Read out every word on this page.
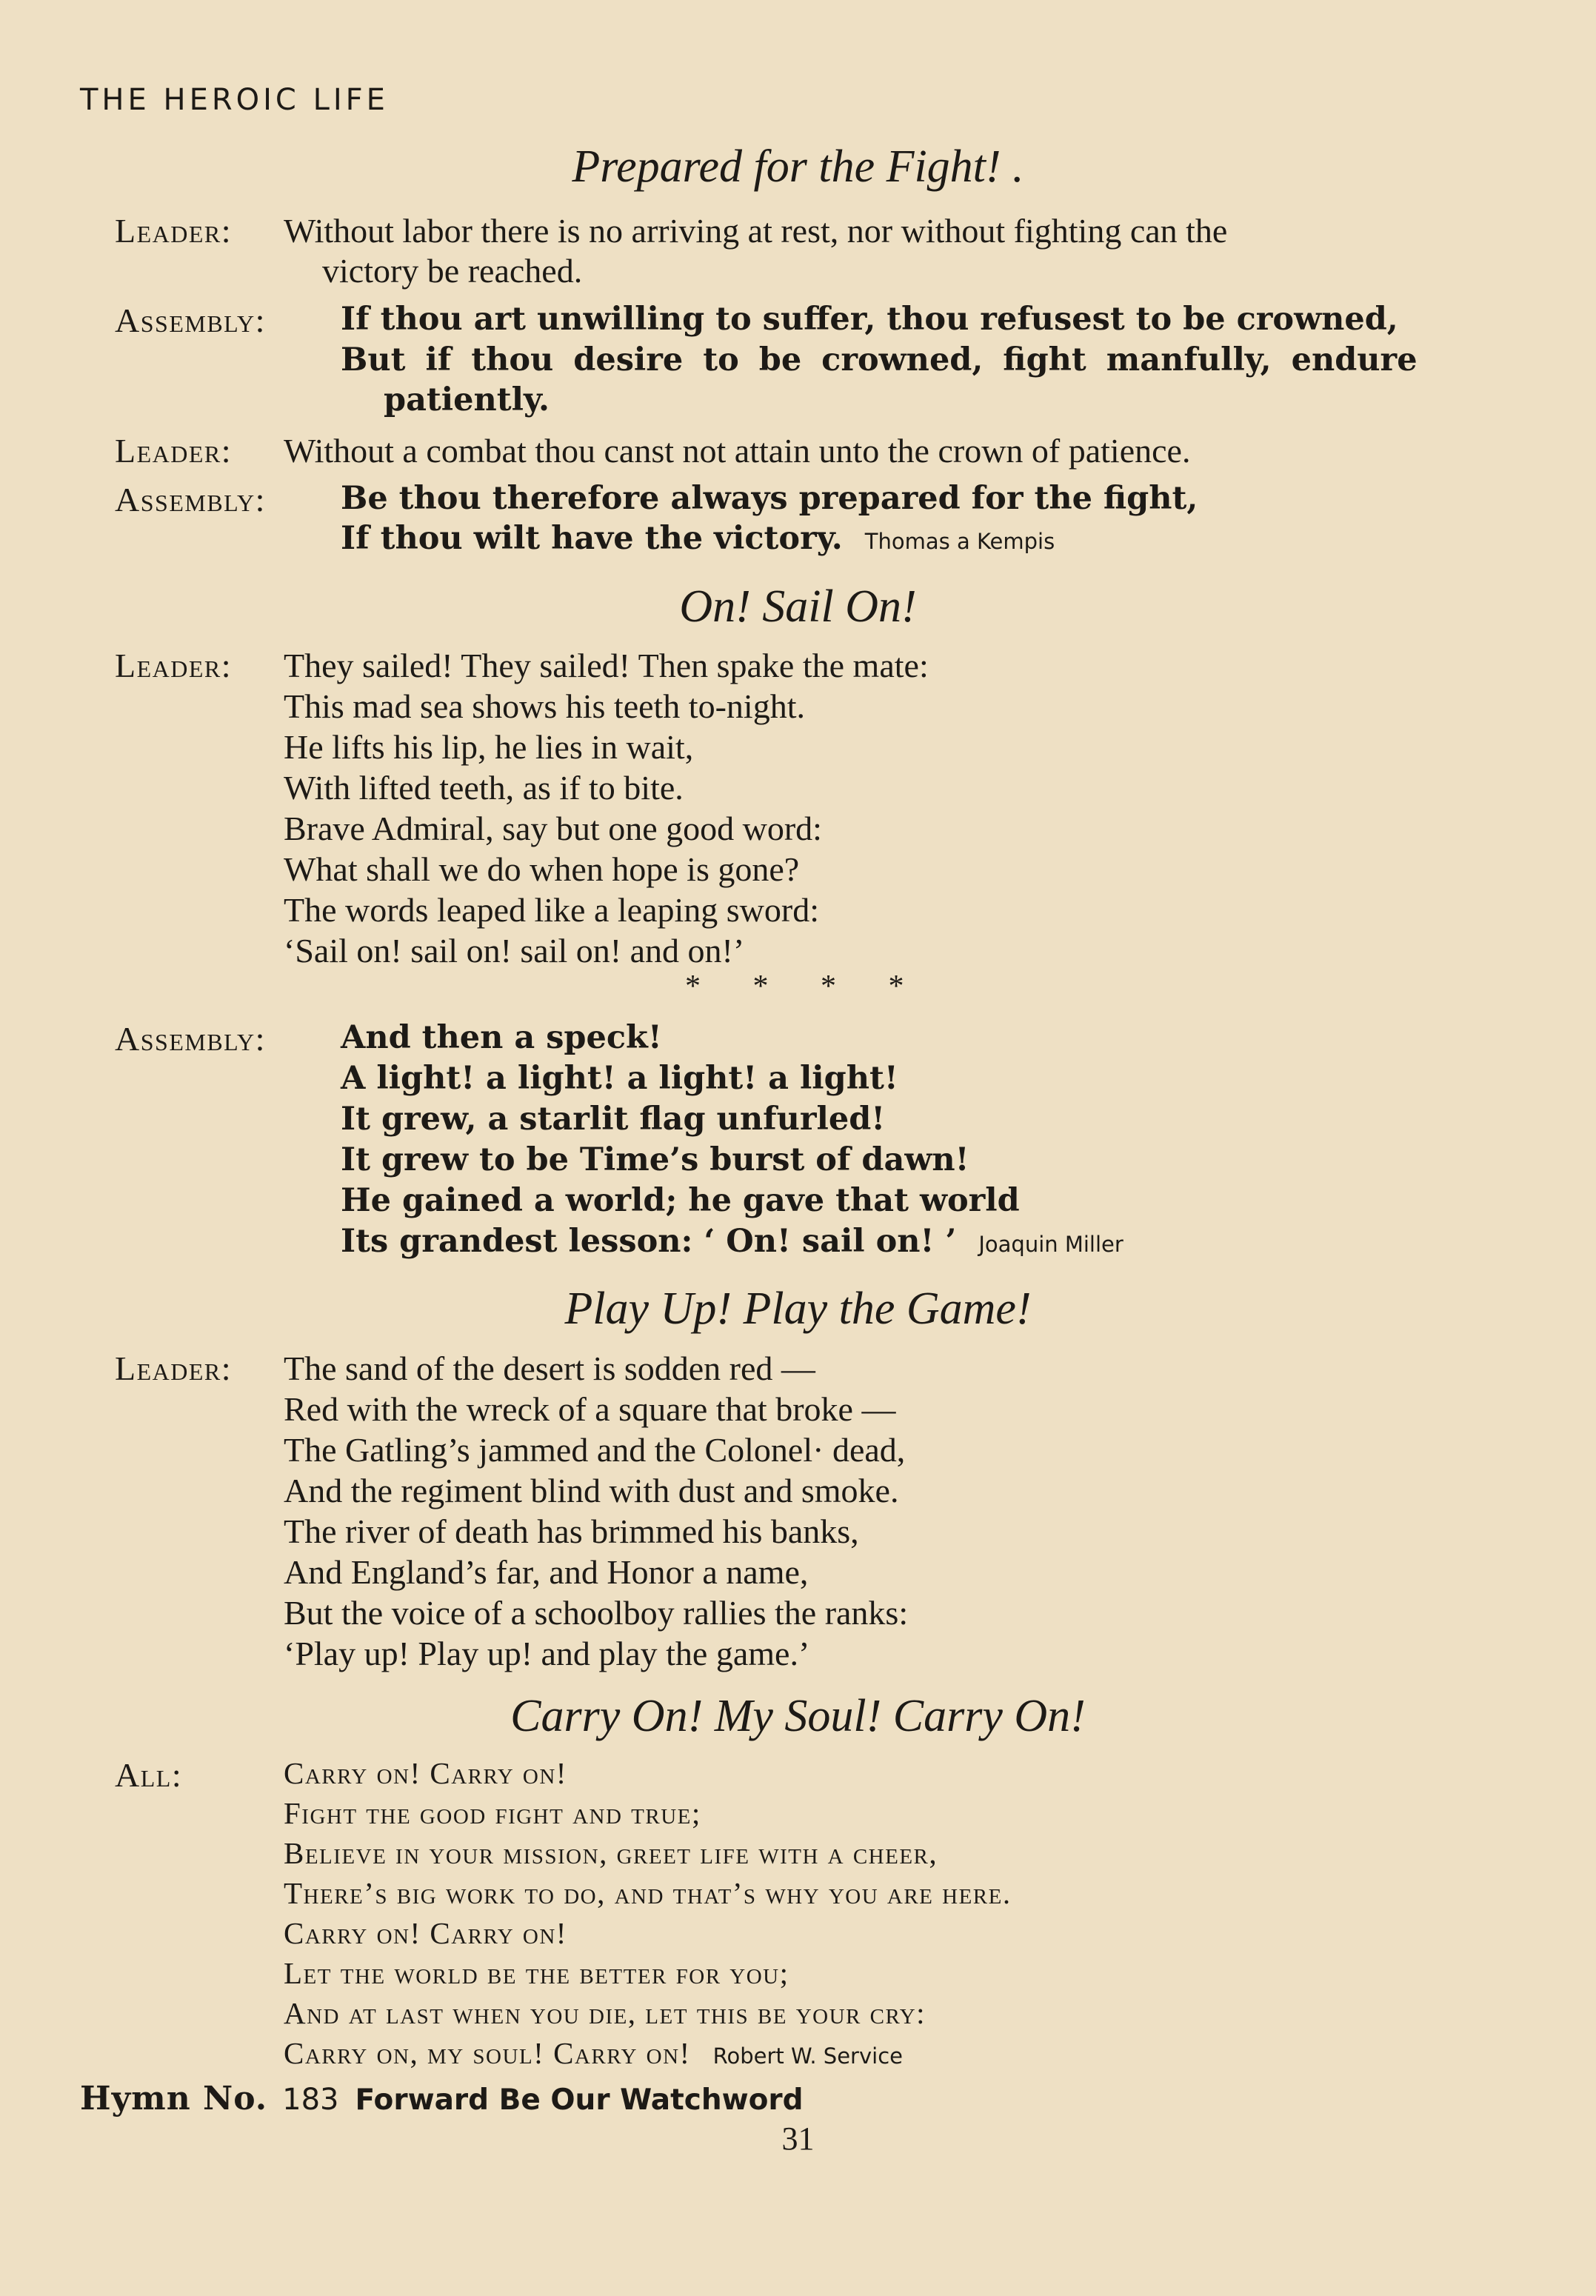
THE HEROIC LIFE
Prepared for the Fight! .
Leader: Without labor there is no arriving at rest, nor without fighting can the
victory be reached.
Assembly: If thou art unwilling to suffer, thou refusest to be crowned,
But if thou desire to be crowned, fight manfully, endure
patiently.
Leader: Without a combat thou canst not attain unto the crown of patience.
Assembly: Be thou therefore always prepared for the fight,
If thou wilt have the victory. Thomas a Kempis
On! Sail On!
Leader: They sailed! They sailed! Then spake the mate:
This mad sea shows his teeth to-night.
He lifts his lip, he lies in wait,
With lifted teeth, as if to bite.
Brave Admiral, say but one good word:
What shall we do when hope is gone?
The words leaped like a leaping sword:
‘Sail on! sail on! sail on! and on!’
* * * *
Assembly: And then a speck!
A light! a light! a light! a light!
It grew, a starlit flag unfurled!
It grew to be Time’s burst of dawn!
He gained a world; he gave that world
Its grandest lesson: ‘ On! sail on! ’ Joaquin Miller
Play Up! Play the Game!
Leader: The sand of the desert is sodden red —
Red with the wreck of a square that broke —
The Gatling’s jammed and the Colonel· dead,
And the regiment blind with dust and smoke.
The river of death has brimmed his banks,
And England’s far, and Honor a name,
But the voice of a schoolboy rallies the ranks:
‘Play up! Play up! and play the game.’
Carry On! My Soul! Carry On!
All:	Carry on! Carry on!
Fight the good fight and true;
Believe in your mission, greet life with a cheer,
There’s big work to do, and that’s why you are here.
Carry on! Carry on!
Let the world be the better for you;
And at last when you die, let this be your cry:
Carry on, my soul! Carry on! Robert W. Service
Hymn No. 183 Forward Be Our Watchword
31
